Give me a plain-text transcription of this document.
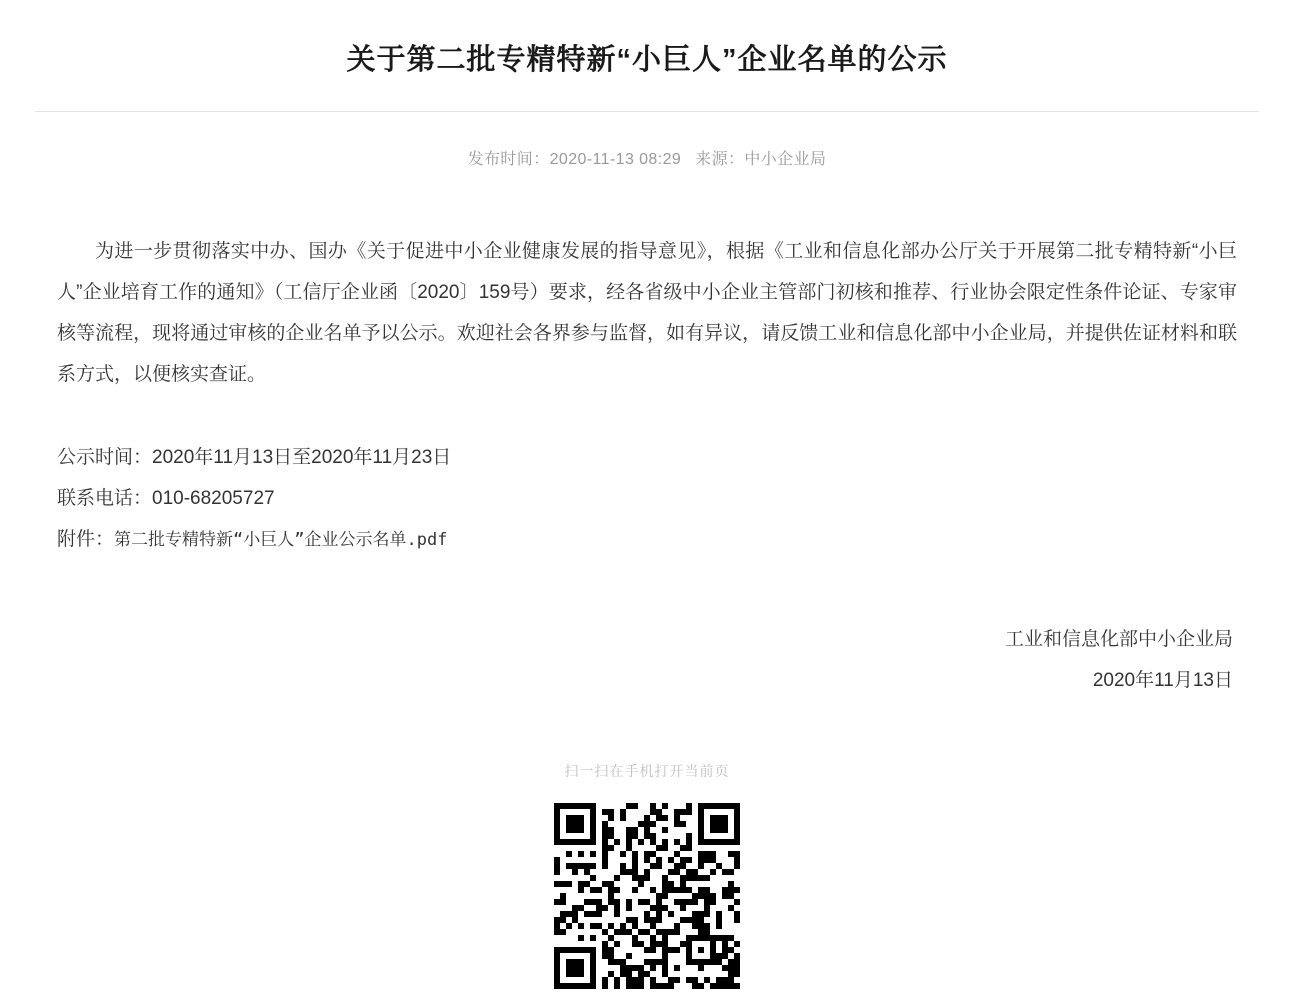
关于第二批专精特新“小巨人”企业名单的公示
发布时间：2020-11-13 08:29 来源：中小企业局

为进一步贯彻落实中办、国办《关于促进中小企业健康发展的指导意见》，根据《工业和信息化部办公厅关于开展第二批专精特新“小巨人”企业培育工作的通知》（工信厅企业函〔2020〕159号）要求，经各省级中小企业主管部门初核和推荐、行业协会限定性条件论证、专家审核等流程，现将通过审核的企业名单予以公示。欢迎社会各界参与监督，如有异议，请反馈工业和信息化部中小企业局，并提供佐证材料和联系方式，以便核实查证。

公示时间：2020年11月13日至2020年11月23日

联系电话：010-68205727

附件：第二批专精特新“小巨人”企业公示名单.pdf

工业和信息化部中小企业局
2020年11月13日
扫一扫在手机打开当前页
